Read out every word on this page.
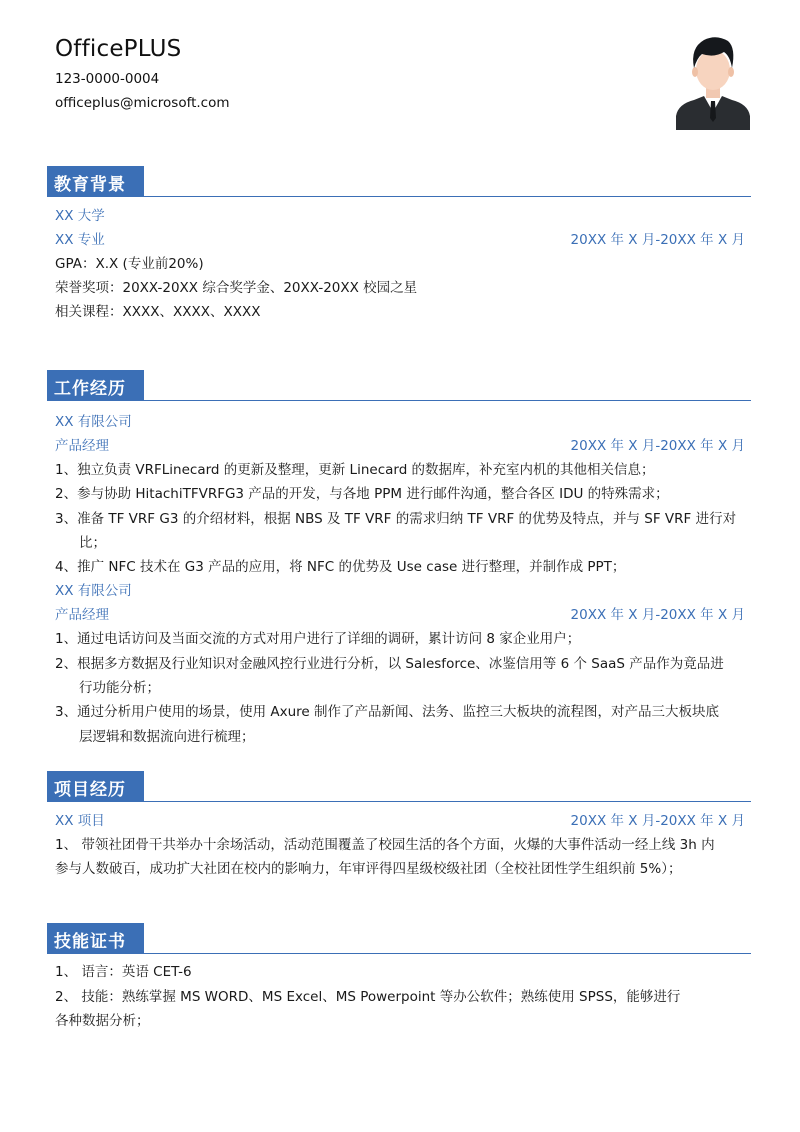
OfficePLUS
123-0000-0004
officeplus@microsoft.com
教育背景
XX 大学
XX 专业	20XX 年 X 月-20XX 年 X 月
GPA：X.X (专业前20%)
荣誉奖项：20XX-20XX 综合奖学金、20XX-20XX 校园之星
相关课程：XXXX、XXXX、XXXX
工作经历
XX 有限公司
产品经理	20XX 年 X 月-20XX 年 X 月
1、独立负责 VRFLinecard 的更新及整理，更新 Linecard 的数据库，补充室内机的其他相关信息；
2、参与协助 HitachiTFVRFG3 产品的开发，与各地 PPM 进行邮件沟通，整合各区 IDU 的特殊需求；
3、准备 TF VRF G3 的介绍材料，根据 NBS 及 TF VRF 的需求归纳 TF VRF 的优势及特点，并与 SF VRF 进行对
比；
4、推广 NFC 技术在 G3 产品的应用，将 NFC 的优势及 Use case 进行整理，并制作成 PPT；
XX 有限公司
产品经理	20XX 年 X 月-20XX 年 X 月
1、通过电话访问及当面交流的方式对用户进行了详细的调研，累计访问 8 家企业用户；
2、根据多方数据及行业知识对金融风控行业进行分析，以 Salesforce、冰鉴信用等 6 个 SaaS 产品作为竟品进
行功能分析；
3、通过分析用户使用的场景，使用 Axure 制作了产品新闻、法务、监控三大板块的流程图，对产品三大板块底
层逻辑和数据流向进行梳理；
项目经历
XX 项目	20XX 年 X 月-20XX 年 X 月
1、 带领社团骨干共举办十余场活动，活动范围覆盖了校园生活的各个方面，火爆的大事件活动一经上线 3h 内
参与人数破百，成功扩大社团在校内的影响力，年审评得四星级校级社团（全校社团性学生组织前 5%）；
技能证书
1、 语言：英语 CET-6
2、 技能：熟练掌握 MS WORD、MS Excel、MS Powerpoint 等办公软件；熟练使用 SPSS，能够进行
各种数据分析；
